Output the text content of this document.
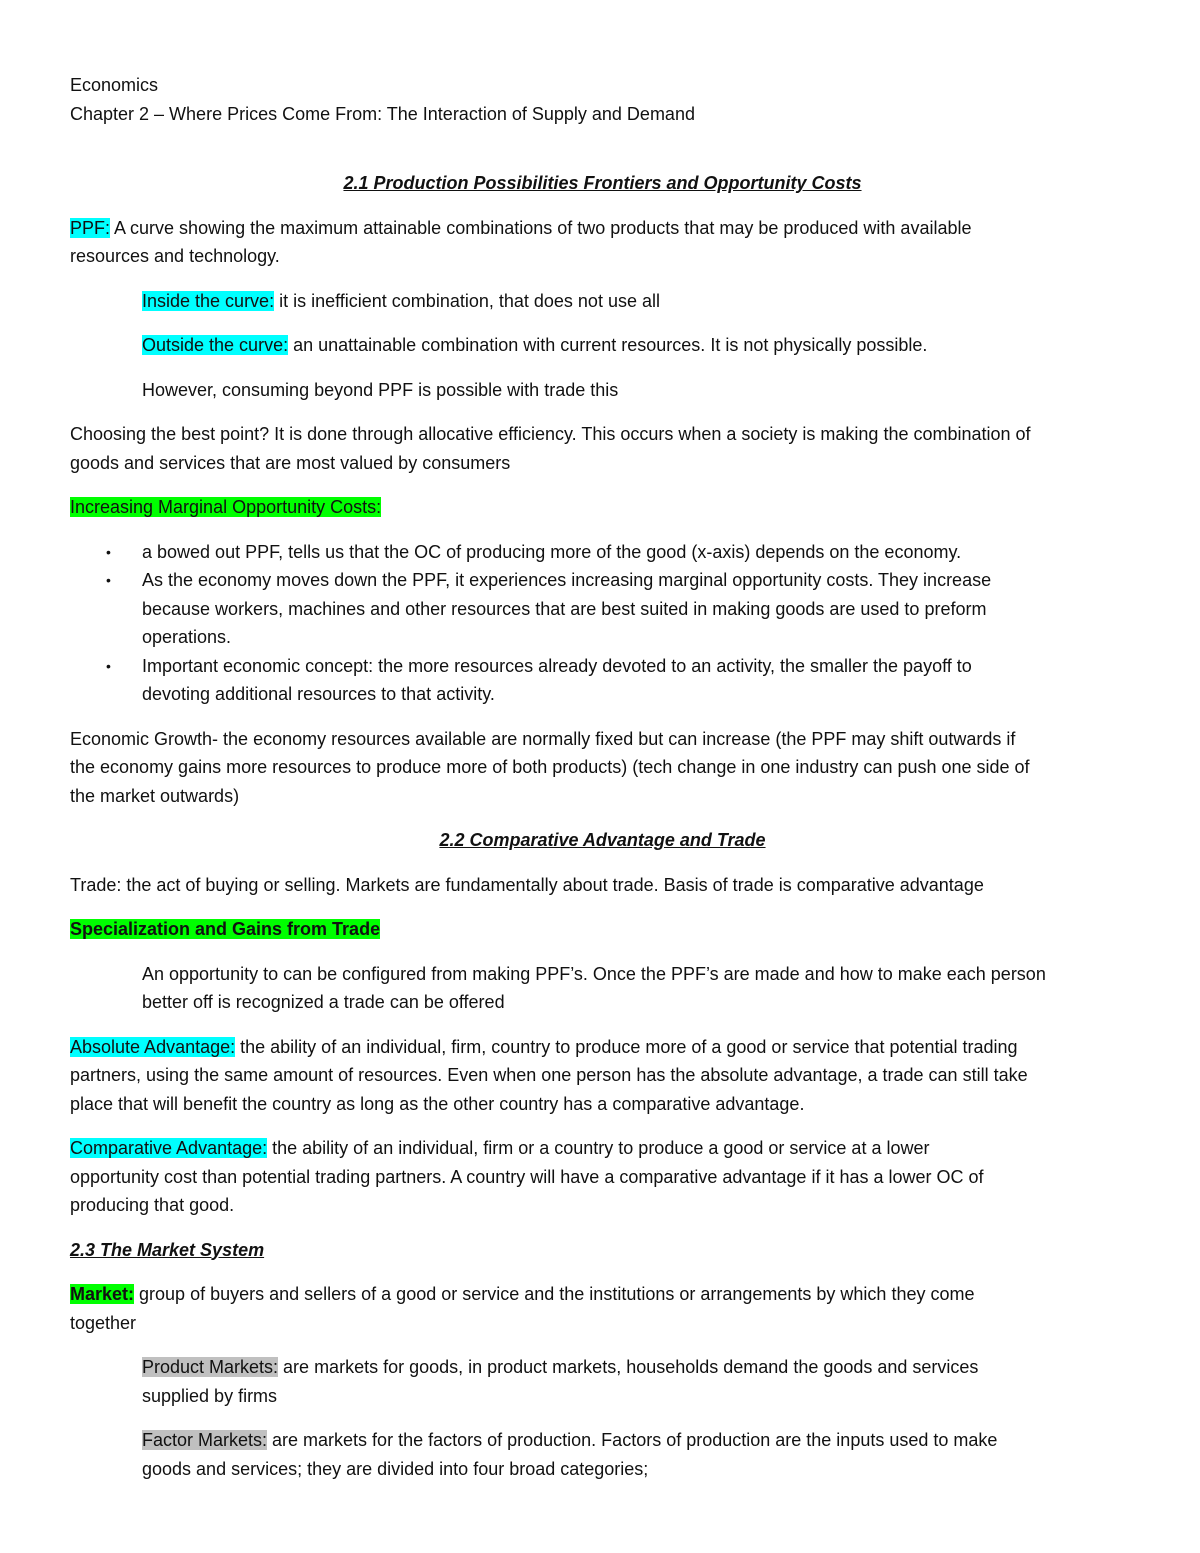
Economics
Chapter 2 – Where Prices Come From: The Interaction of Supply and Demand
2.1 Production Possibilities Frontiers and Opportunity Costs
PPF: A curve showing the maximum attainable combinations of two products that may be produced with available
resources and technology.
Inside the curve: it is inefficient combination, that does not use all
Outside the curve: an unattainable combination with current resources. It is not physically possible.
However, consuming beyond PPF is possible with trade this
Choosing the best point? It is done through allocative efficiency. This occurs when a society is making the combination of
goods and services that are most valued by consumers
Increasing Marginal Opportunity Costs:
• a bowed out PPF, tells us that the OC of producing more of the good (x-axis) depends on the economy.
• As the economy moves down the PPF, it experiences increasing marginal opportunity costs. They increase
because workers, machines and other resources that are best suited in making goods are used to preform
operations.
• Important economic concept: the more resources already devoted to an activity, the smaller the payoff to
devoting additional resources to that activity.
Economic Growth- the economy resources available are normally fixed but can increase (the PPF may shift outwards if
the economy gains more resources to produce more of both products) (tech change in one industry can push one side of
the market outwards)
2.2 Comparative Advantage and Trade
Trade: the act of buying or selling. Markets are fundamentally about trade. Basis of trade is comparative advantage
Specialization and Gains from Trade
An opportunity to can be configured from making PPF’s. Once the PPF’s are made and how to make each person
better off is recognized a trade can be offered
Absolute Advantage: the ability of an individual, firm, country to produce more of a good or service that potential trading
partners, using the same amount of resources. Even when one person has the absolute advantage, a trade can still take
place that will benefit the country as long as the other country has a comparative advantage.
Comparative Advantage: the ability of an individual, firm or a country to produce a good or service at a lower
opportunity cost than potential trading partners. A country will have a comparative advantage if it has a lower OC of
producing that good.
2.3 The Market System
Market: group of buyers and sellers of a good or service and the institutions or arrangements by which they come
together
Product Markets: are markets for goods, in product markets, households demand the goods and services
supplied by firms
Factor Markets: are markets for the factors of production. Factors of production are the inputs used to make
goods and services; they are divided into four broad categories;
